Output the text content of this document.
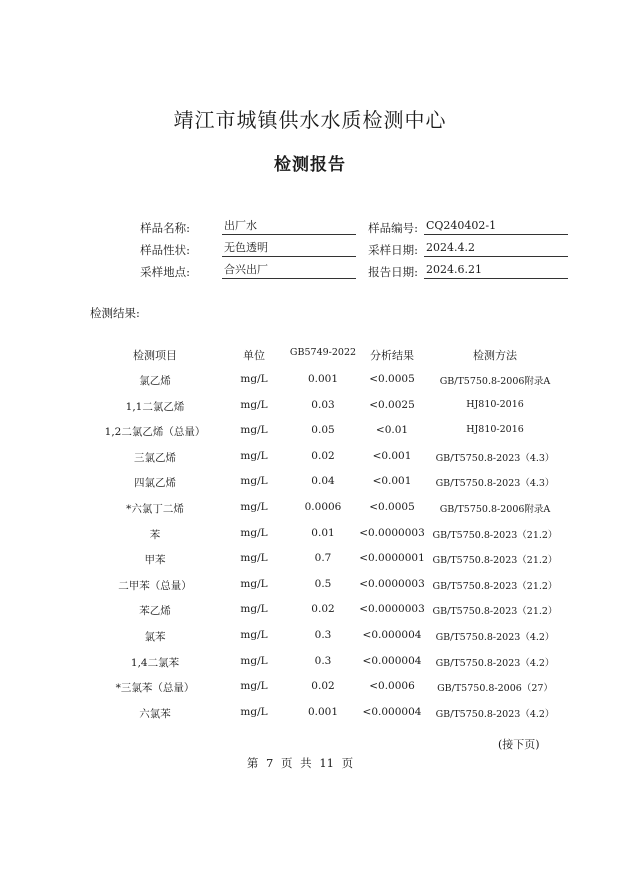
靖江市城镇供水水质检测中心
检测报告
样品名称:	出厂水	样品编号: CQ240402-1
样品性状:	无色透明	采样日期: 2024.4.2
采样地点:	合兴出厂	报告日期: 2024.6.21
检测结果:
检测项目	单位	GB5749-2022	分析结果	检测方法
氯乙烯	mg/L	0.001	<0.0005	GB/T5750.8-2006附录A
1,1二氯乙烯	mg/L	0.03	<0.0025	HJ810-2016
1,2二氯乙烯（总量）	mg/L	0.05	<0.01	HJ810-2016
三氯乙烯	mg/L	0.02	<0.001	GB/T5750.8-2023（4.3）
四氯乙烯	mg/L	0.04	<0.001	GB/T5750.8-2023（4.3）
*六氯丁二烯	mg/L	0.0006	<0.0005	GB/T5750.8-2006附录A
苯	mg/L	0.01	<0.0000003 GB/T5750.8-2023（21.2）
甲苯	mg/L	0.7	<0.0000001 GB/T5750.8-2023（21.2）
二甲苯（总量）	mg/L	0.5	<0.0000003 GB/T5750.8-2023（21.2）
苯乙烯	mg/L	0.02	<0.0000003 GB/T5750.8-2023（21.2）
氯苯	mg/L	0.3	<0.000004	GB/T5750.8-2023（4.2）
1,4二氯苯	mg/L	0.3	<0.000004	GB/T5750.8-2023（4.2）
*三氯苯（总量）	mg/L	0.02	<0.0006	GB/T5750.8-2006（27）
六氯苯	mg/L	0.001	<0.000004	GB/T5750.8-2023（4.2）
(接下页)
第 7 页 共 11 页
